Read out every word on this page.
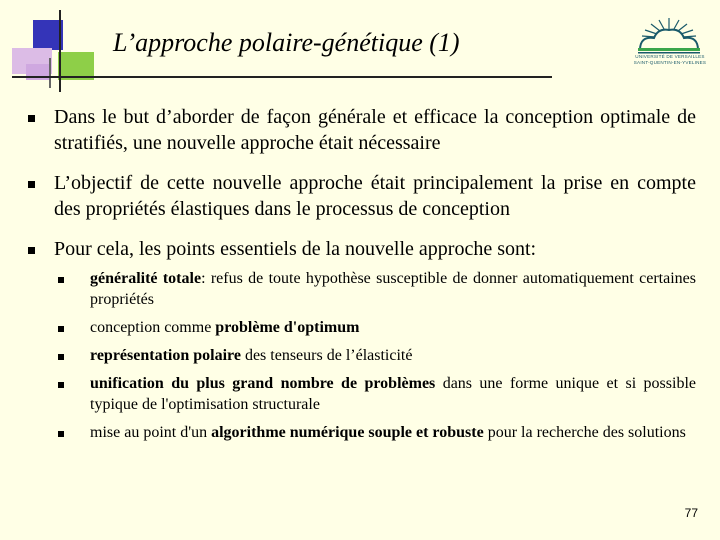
L’approche polaire-génétique (1)	UNIVERSITÉ DE VERSAILLES
SAINT-QUENTIN-EN-YVELINES
Dans le but d’aborder de façon générale et efficace la conception optimale de stratifiés, une nouvelle approche était nécessaire
L’objectif de cette nouvelle approche était principalement la prise en compte des propriétés élastiques dans le processus de conception
Pour cela, les points essentiels de la nouvelle approche sont:
généralité totale: refus de toute hypothèse susceptible de donner automatiquement certaines propriétés
conception comme problème d'optimum
représentation polaire des tenseurs de l’élasticité
unification du plus grand nombre de problèmes dans une forme unique et si possible typique de l'optimisation structurale
mise au point d'un algorithme numérique souple et robuste pour la recherche des solutions
77
